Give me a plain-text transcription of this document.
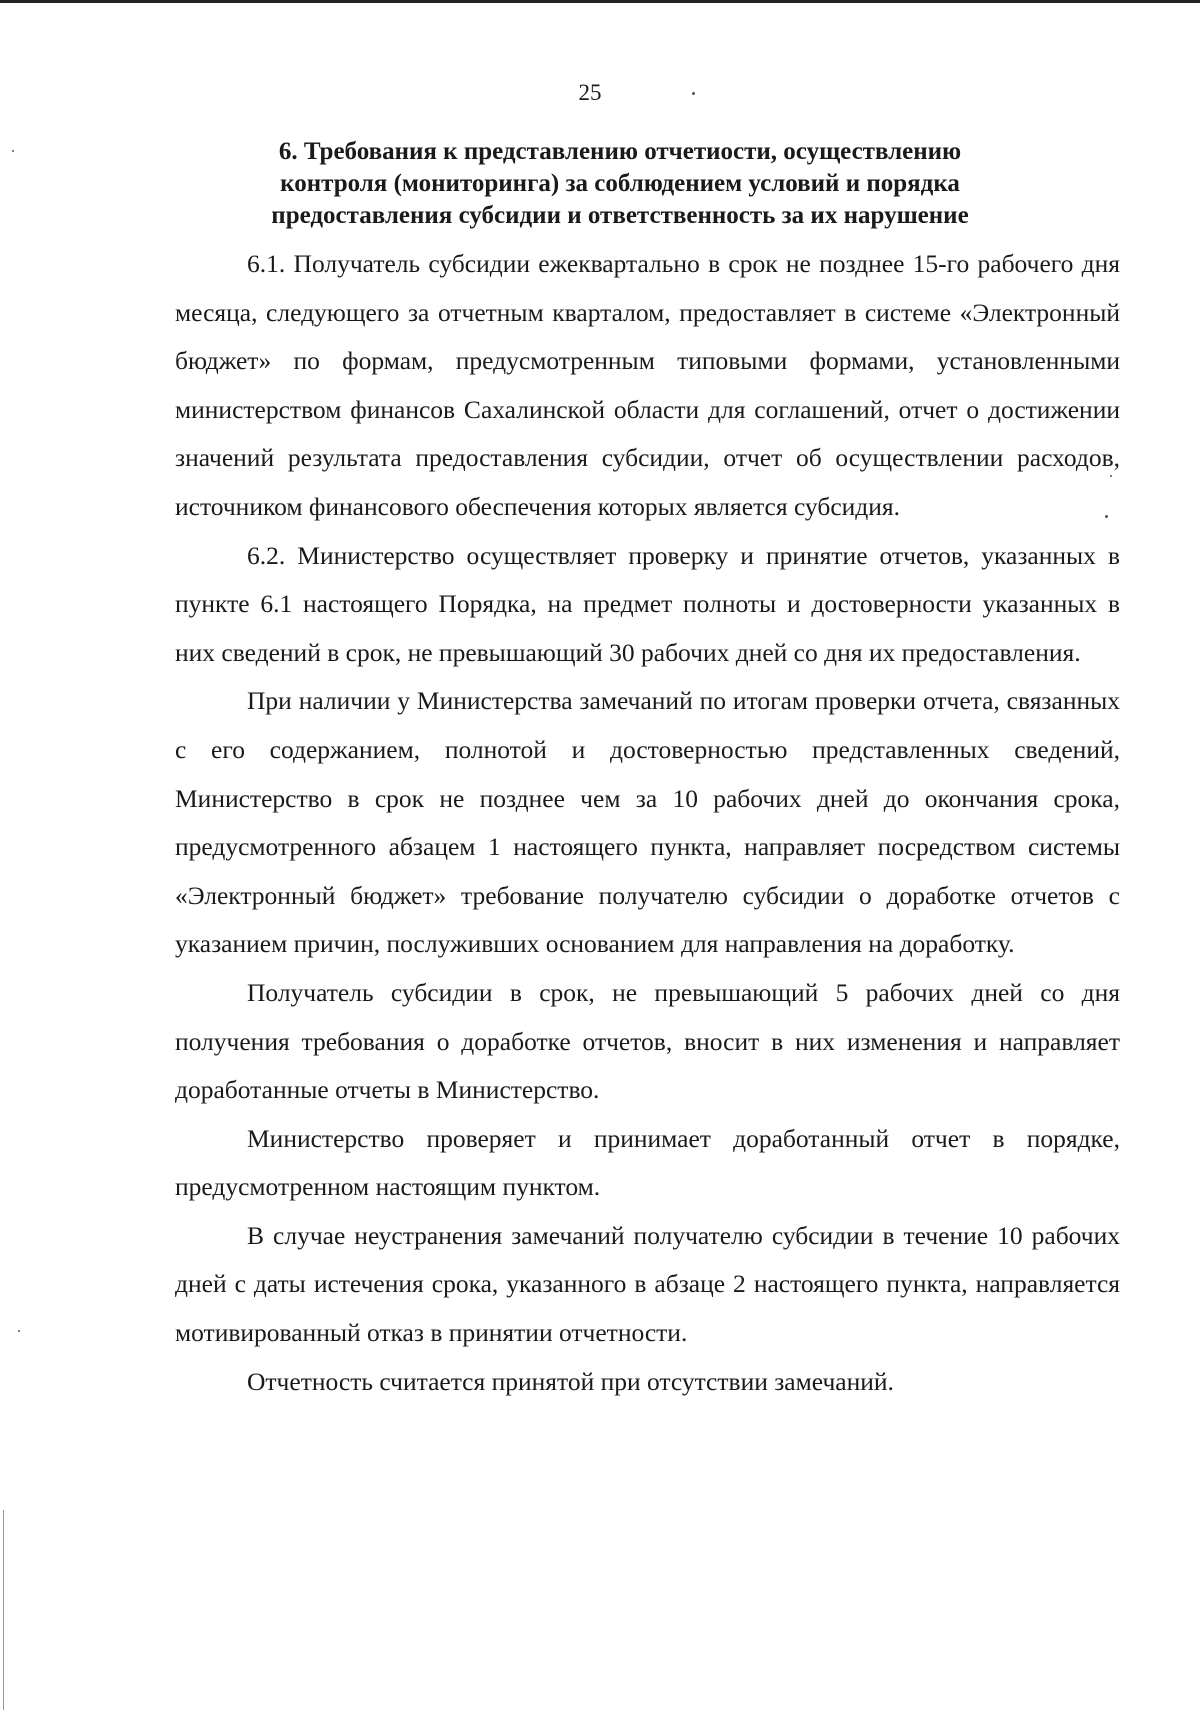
25
6. Требования к представлению отчетиости, осуществлению
контроля (мониторинга) за соблюдением условий и порядка
предоставления субсидии и ответственность за их нарушение

6.1. Получатель субсидии ежеквартально в срок не позднее 15-го рабочего дня месяца, следующего за отчетным кварталом, предоставляет в системе «Электронный бюджет» по формам, предусмотренным типовыми формами, установленными министерством финансов Сахалинской области для соглашений, отчет о достижении значений результата предоставления субсидии, отчет об осуществлении расходов, источником финансового обеспечения которых является субсидия.

6.2. Министерство осуществляет проверку и принятие отчетов, указанных в пункте 6.1 настоящего Порядка, на предмет полноты и достоверности указанных в них сведений в срок, не превышающий 30 рабочих дней со дня их предоставления.

При наличии у Министерства замечаний по итогам проверки отчета, связанных с его содержанием, полнотой и достоверностью представленных сведений, Министерство в срок не позднее чем за 10 рабочих дней до окончания срока, предусмотренного абзацем 1 настоящего пункта, направляет посредством системы «Электронный бюджет» требование получателю субсидии о доработке отчетов с указанием причин, послуживших основанием для направления на доработку.

Получатель субсидии в срок, не превышающий 5 рабочих дней со дня получения требования о доработке отчетов, вносит в них изменения и направляет доработанные отчеты в Министерство.

Министерство проверяет и принимает доработанный отчет в порядке, предусмотренном настоящим пунктом.

В случае неустранения замечаний получателю субсидии в течение 10 рабочих дней с даты истечения срока, указанного в абзаце 2 настоящего пункта, направляется мотивированный отказ в принятии отчетности.

Отчетность считается принятой при отсутствии замечаний.
